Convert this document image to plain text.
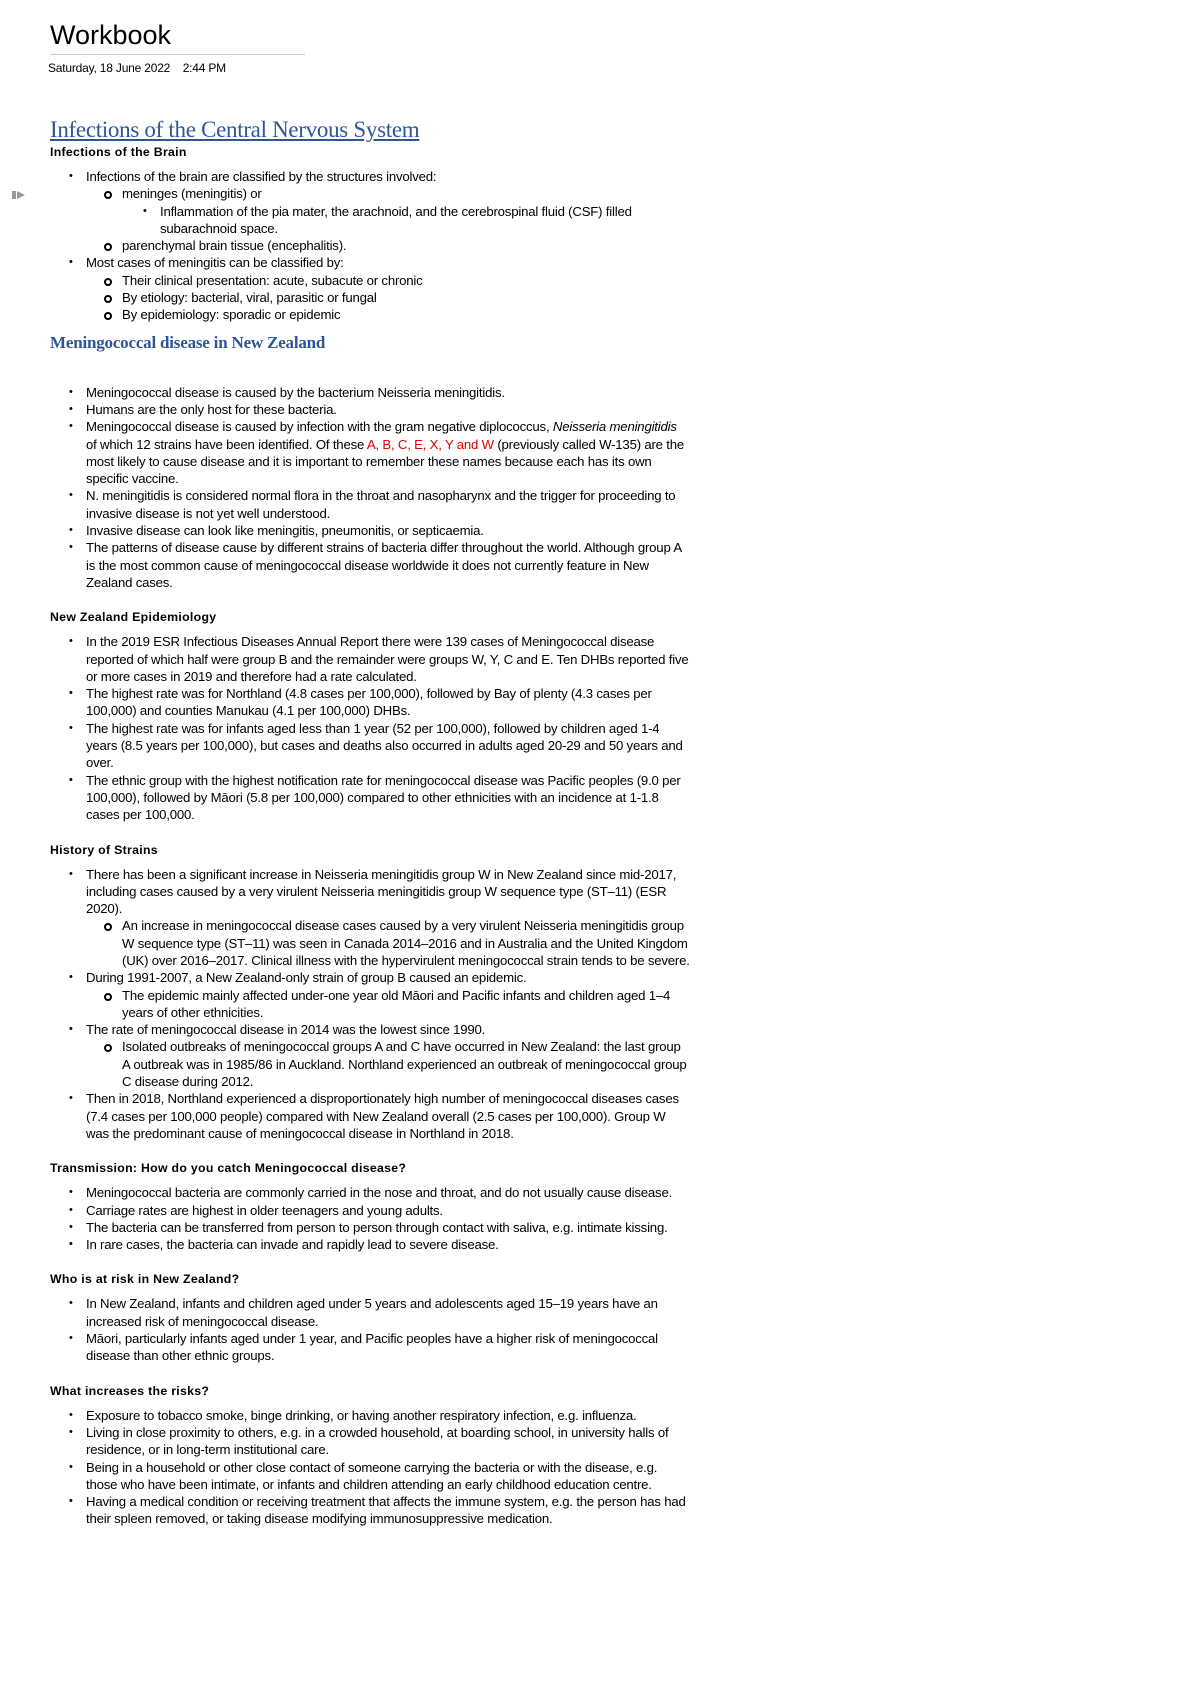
Workbook
Saturday, 18 June 2022 2:44 PM
Infections of the Central Nervous System
Infections of the Brain
• Infections of the brain are classified by the structures involved:
meninges (meningitis) or
• Inflammation of the pia mater, the arachnoid, and the cerebrospinal fluid (CSF) filled subarachnoid space.
parenchymal brain tissue (encephalitis).
• Most cases of meningitis can be classified by:
Their clinical presentation: acute, subacute or chronic
By etiology: bacterial, viral, parasitic or fungal
By epidemiology: sporadic or epidemic
Meningococcal disease in New Zealand
• Meningococcal disease is caused by the bacterium Neisseria meningitidis.
• Humans are the only host for these bacteria.
• Meningococcal disease is caused by infection with the gram negative diplococcus, Neisseria meningitidis of which 12 strains have been identified. Of these A, B, C, E, X, Y and W (previously called W-135) are the most likely to cause disease and it is important to remember these names because each has its own specific vaccine.
• N. meningitidis is considered normal flora in the throat and nasopharynx and the trigger for proceeding to invasive disease is not yet well understood.
• Invasive disease can look like meningitis, pneumonitis, or septicaemia.
• The patterns of disease cause by different strains of bacteria differ throughout the world. Although group A is the most common cause of meningococcal disease worldwide it does not currently feature in New Zealand cases.
New Zealand Epidemiology
• In the 2019 ESR Infectious Diseases Annual Report there were 139 cases of Meningococcal disease reported of which half were group B and the remainder were groups W, Y, C and E. Ten DHBs reported five or more cases in 2019 and therefore had a rate calculated.
• The highest rate was for Northland (4.8 cases per 100,000), followed by Bay of plenty (4.3 cases per 100,000) and counties Manukau (4.1 per 100,000) DHBs.
• The highest rate was for infants aged less than 1 year (52 per 100,000), followed by children aged 1-4 years (8.5 years per 100,000), but cases and deaths also occurred in adults aged 20-29 and 50 years and over.
• The ethnic group with the highest notification rate for meningococcal disease was Pacific peoples (9.0 per 100,000), followed by Māori (5.8 per 100,000) compared to other ethnicities with an incidence at 1-1.8 cases per 100,000.
History of Strains
• There has been a significant increase in Neisseria meningitidis group W in New Zealand since mid-2017, including cases caused by a very virulent Neisseria meningitidis group W sequence type (ST–11) (ESR 2020).
An increase in meningococcal disease cases caused by a very virulent Neisseria meningitidis group W sequence type (ST–11) was seen in Canada 2014–2016 and in Australia and the United Kingdom (UK) over 2016–2017. Clinical illness with the hypervirulent meningococcal strain tends to be severe.
• During 1991-2007, a New Zealand-only strain of group B caused an epidemic.
The epidemic mainly affected under-one year old Māori and Pacific infants and children aged 1–4 years of other ethnicities.
• The rate of meningococcal disease in 2014 was the lowest since 1990.
Isolated outbreaks of meningococcal groups A and C have occurred in New Zealand: the last group A outbreak was in 1985/86 in Auckland. Northland experienced an outbreak of meningococcal group C disease during 2012.
• Then in 2018, Northland experienced a disproportionately high number of meningococcal diseases cases (7.4 cases per 100,000 people) compared with New Zealand overall (2.5 cases per 100,000). Group W was the predominant cause of meningococcal disease in Northland in 2018.
Transmission: How do you catch Meningococcal disease?
• Meningococcal bacteria are commonly carried in the nose and throat, and do not usually cause disease.
• Carriage rates are highest in older teenagers and young adults.
• The bacteria can be transferred from person to person through contact with saliva, e.g. intimate kissing.
• In rare cases, the bacteria can invade and rapidly lead to severe disease.
Who is at risk in New Zealand?
• In New Zealand, infants and children aged under 5 years and adolescents aged 15–19 years have an increased risk of meningococcal disease.
• Māori, particularly infants aged under 1 year, and Pacific peoples have a higher risk of meningococcal disease than other ethnic groups.
What increases the risks?
• Exposure to tobacco smoke, binge drinking, or having another respiratory infection, e.g. influenza.
• Living in close proximity to others, e.g. in a crowded household, at boarding school, in university halls of residence, or in long-term institutional care.
• Being in a household or other close contact of someone carrying the bacteria or with the disease, e.g. those who have been intimate, or infants and children attending an early childhood education centre.
• Having a medical condition or receiving treatment that affects the immune system, e.g. the person has had their spleen removed, or taking disease modifying immunosuppressive medication.
